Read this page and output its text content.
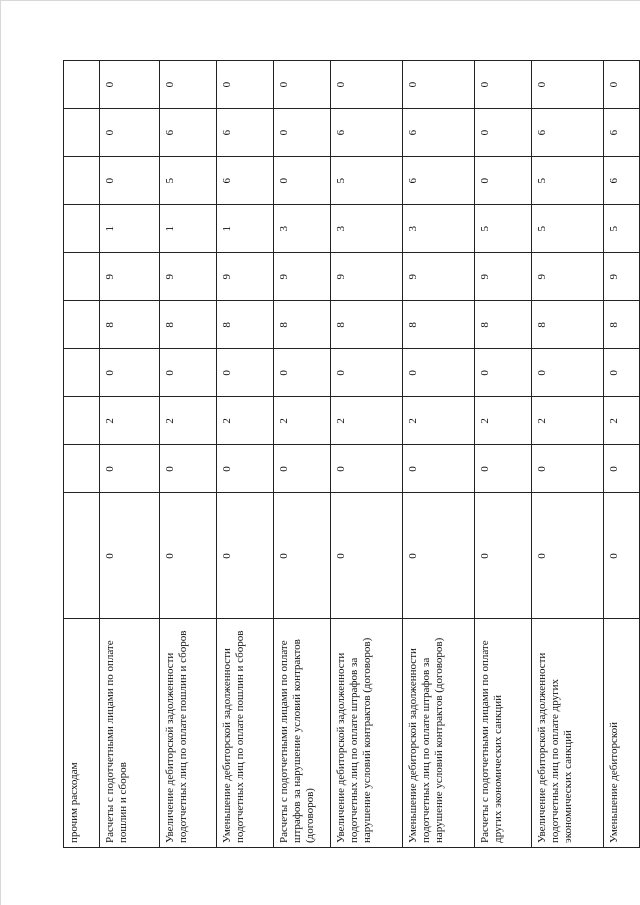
прочим расходам										
Расчеты с подотчетными лицами по оплате пошлин и сборов	0	0	2	0	8	9	1	0	0	0
Увеличение дебиторской задолженности подотчетных лиц по оплате пошлин и сборов	0	0	2	0	8	9	1	5	6	0
Уменьшение дебиторской задолженности подотчетных лиц по оплате пошлин и сборов	0	0	2	0	8	9	1	6	6	0
Расчеты с подотчетными лицами по оплате штрафов за нарушение условий контрактов (договоров)	0	0	2	0	8	9	3	0	0	0
Увеличение дебиторской задолженности подотчетных лиц по оплате штрафов за нарушение условий контрактов (договоров)	0	0	2	0	8	9	3	5	6	0
Уменьшение дебиторской задолженности подотчетных лиц по оплате штрафов за нарушение условий контрактов (договоров)	0	0	2	0	8	9	3	6	6	0
Расчеты с подотчетными лицами по оплате других экономических санкций	0	0	2	0	8	9	5	0	0	0
Увеличение дебиторской задолженности подотчетных лиц по оплате других экономических санкций	0	0	2	0	8	9	5	5	6	0
Уменьшение дебиторской	0	0	2	0	8	9	5	6	6	0
